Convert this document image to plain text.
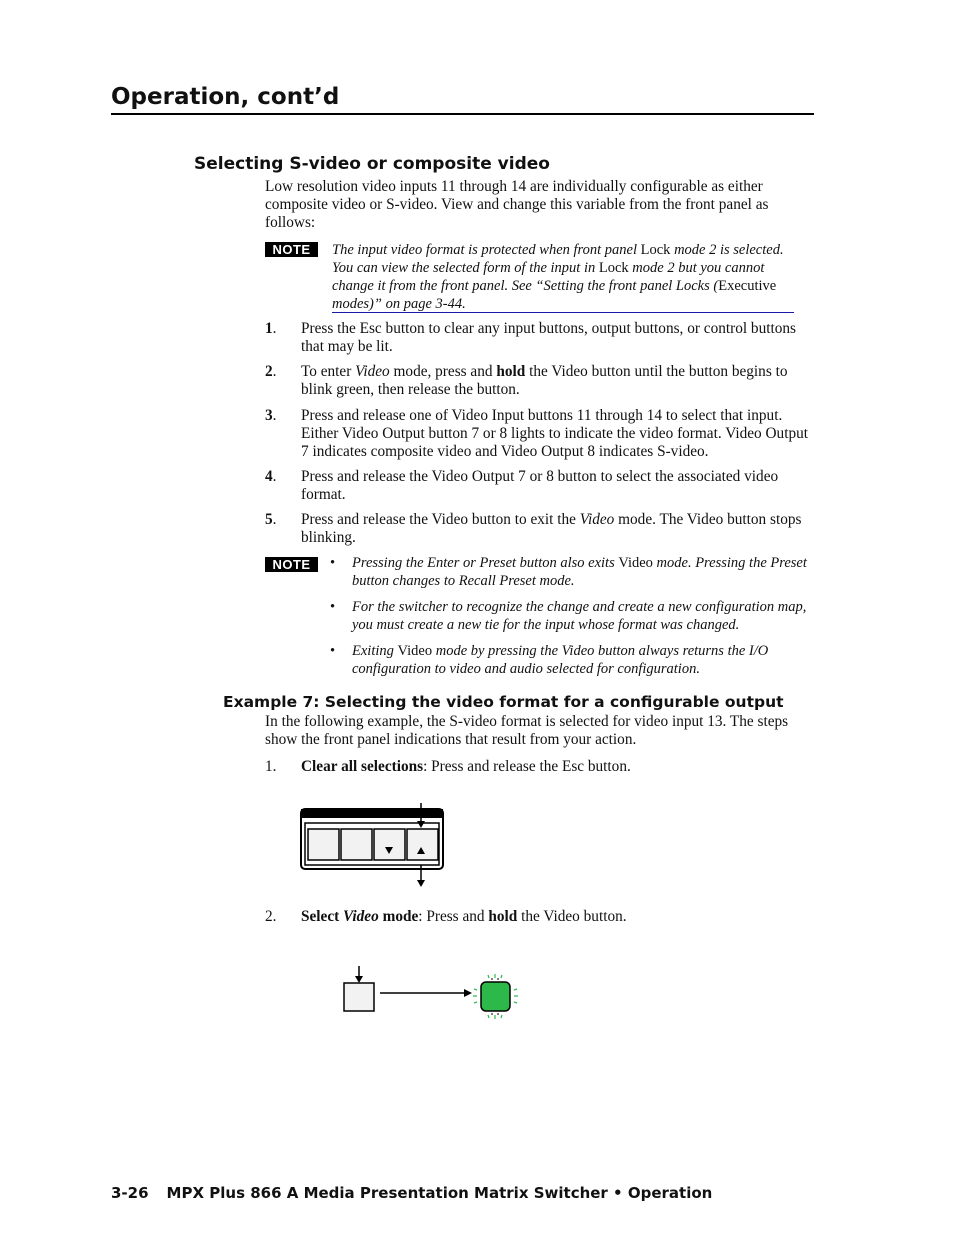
Operation, cont’d
Selecting S-video or composite video
Low resolution video inputs 11 through 14 are individually configurable as either composite video or S-video. View and change this variable from the front panel as follows:
NOTE	The input video format is protected when front panel Lock mode 2 is selected. You can view the selected form of the input in Lock mode 2 but you cannot change it from the front panel. See “Setting the front panel Locks (Executive modes)” on page 3-44.
1. Press the Esc button to clear any input buttons, output buttons, or control buttons that may be lit.
2. To enter Video mode, press and hold the Video button until the button begins to blink green, then release the button.
3. Press and release one of Video Input buttons 11 through 14 to select that input. Either Video Output button 7 or 8 lights to indicate the video format. Video Output 7 indicates composite video and Video Output 8 indicates S-video.
4. Press and release the Video Output 7 or 8 button to select the associated video format.
5. Press and release the Video button to exit the Video mode. The Video button stops blinking.
NOTE	• Pressing the Enter or Preset button also exits Video mode. Pressing the Preset button changes to Recall Preset mode.
• For the switcher to recognize the change and create a new configuration map, you must create a new tie for the input whose format was changed.
• Exiting Video mode by pressing the Video button always returns the I/O configuration to video and audio selected for configuration.
Example 7: Selecting the video format for a configurable output
In the following example, the S-video format is selected for video input 13. The steps show the front panel indications that result from your action.
1. Clear all selections: Press and release the Esc button.
2. Select Video mode: Press and hold the Video button.
3-26 MPX Plus 866 A Media Presentation Matrix Switcher • Operation
